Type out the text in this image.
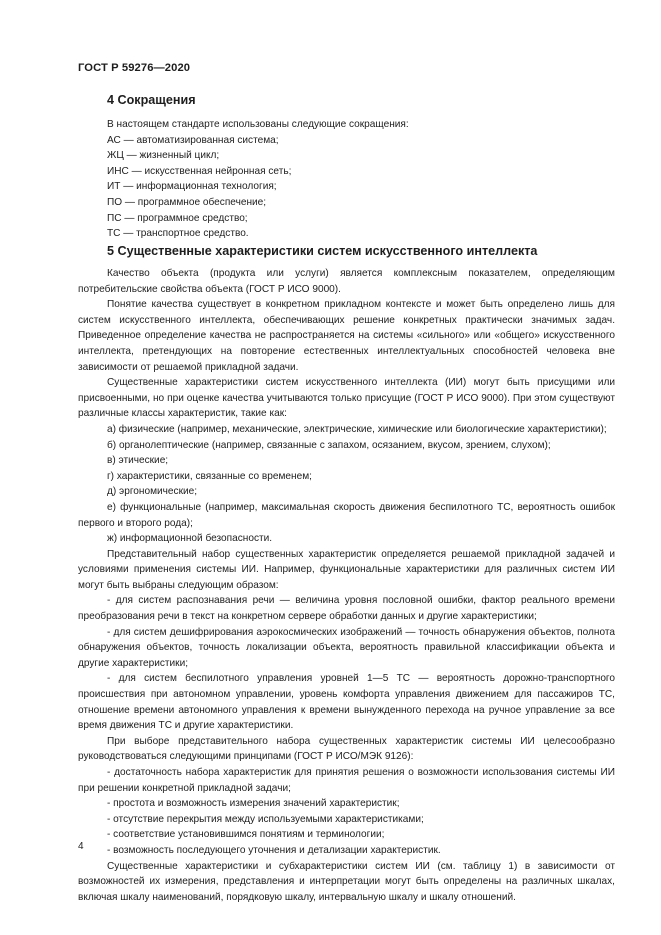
ГОСТ Р 59276—2020
4 Сокращения

В настоящем стандарте использованы следующие сокращения:

АС — автоматизированная система;

ЖЦ — жизненный цикл;

ИНС — искусственная нейронная сеть;

ИТ — информационная технология;

ПО — программное обеспечение;

ПС — программное средство;

ТС — транспортное средство.

5 Существенные характеристики систем искусственного интеллекта

Качество объекта (продукта или услуги) является комплексным показателем, определяющим потребительские свойства объекта (ГОСТ Р ИСО 9000).

Понятие качества существует в конкретном прикладном контексте и может быть определено лишь для систем искусственного интеллекта, обеспечивающих решение конкретных практически значимых задач. Приведенное определение качества не распространяется на системы «сильного» или «общего» искусственного интеллекта, претендующих на повторение естественных интеллектуальных способностей человека вне зависимости от решаемой прикладной задачи.

Существенные характеристики систем искусственного интеллекта (ИИ) могут быть присущими или присвоенными, но при оценке качества учитываются только присущие (ГОСТ Р ИСО 9000). При этом существуют различные классы характеристик, такие как:

а) физические (например, механические, электрические, химические или биологические характеристики);

б) органолептические (например, связанные с запахом, осязанием, вкусом, зрением, слухом);

в) этические;

г) характеристики, связанные со временем;

д) эргономические;

е) функциональные (например, максимальная скорость движения беспилотного ТС, вероятность ошибок первого и второго рода);

ж) информационной безопасности.

Представительный набор существенных характеристик определяется решаемой прикладной задачей и условиями применения системы ИИ. Например, функциональные характеристики для различных систем ИИ могут быть выбраны следующим образом:

- для систем распознавания речи — величина уровня пословной ошибки, фактор реального времени преобразования речи в текст на конкретном сервере обработки данных и другие характеристики;

- для систем дешифрирования аэрокосмических изображений — точность обнаружения объектов, полнота обнаружения объектов, точность локализации объекта, вероятность правильной классификации объекта и другие характеристики;

- для систем беспилотного управления уровней 1—5 ТС — вероятность дорожно-транспортного происшествия при автономном управлении, уровень комфорта управления движением для пассажиров ТС, отношение времени автономного управления к времени вынужденного перехода на ручное управление за все время движения ТС и другие характеристики.

При выборе представительного набора существенных характеристик системы ИИ целесообразно руководствоваться следующими принципами (ГОСТ Р ИСО/МЭК 9126):

- достаточность набора характеристик для принятия решения о возможности использования системы ИИ при решении конкретной прикладной задачи;

- простота и возможность измерения значений характеристик;

- отсутствие перекрытия между используемыми характеристиками;

- соответствие установившимся понятиям и терминологии;

- возможность последующего уточнения и детализации характеристик.

Существенные характеристики и субхарактеристики систем ИИ (см. таблицу 1) в зависимости от возможностей их измерения, представления и интерпретации могут быть определены на различных шкалах, включая шкалу наименований, порядковую шкалу, интервальную шкалу и шкалу отношений.

4
